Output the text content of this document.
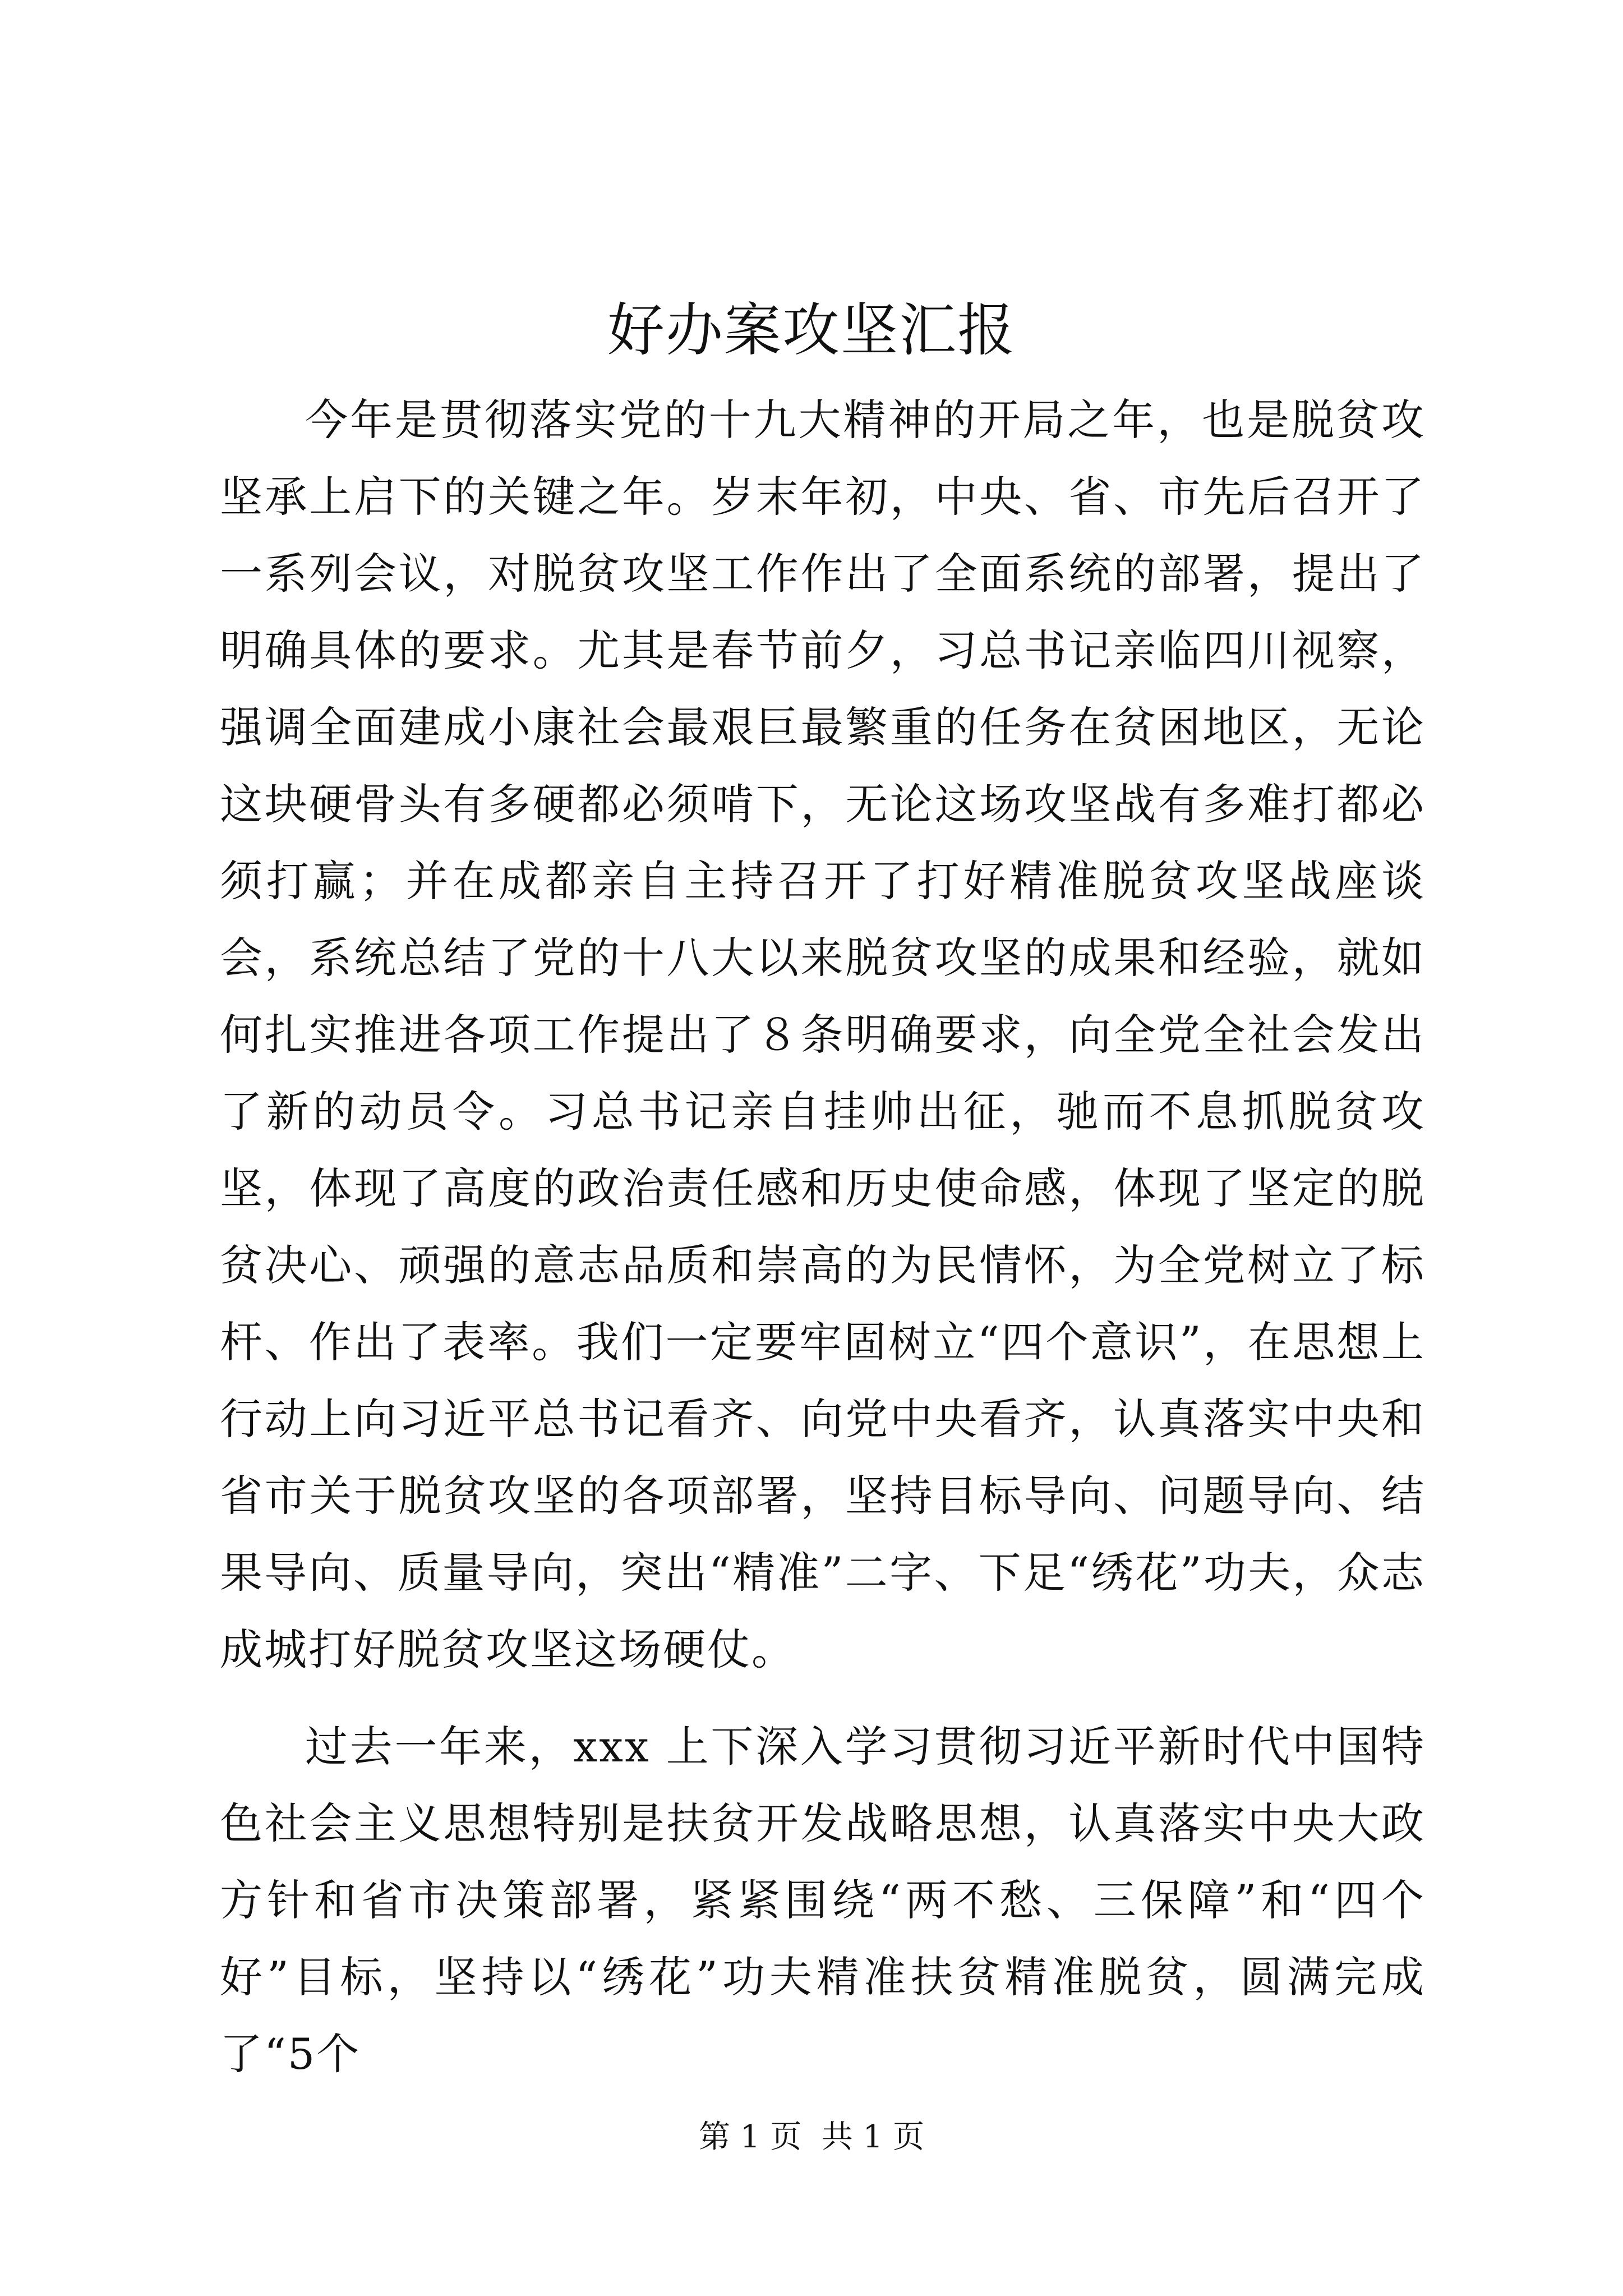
好办案攻坚汇报

今年是贯彻落实党的十九大精神的开局之年，也是脱贫攻坚承上启下的关键之年。岁末年初，中央、省、市先后召开了一系列会议，对脱贫攻坚工作作出了全面系统的部署，提出了明确具体的要求。尤其是春节前夕，习总书记亲临四川视察，强调全面建成小康社会最艰巨最繁重的任务在贫困地区，无论这块硬骨头有多硬都必须啃下，无论这场攻坚战有多难打都必须打赢；并在成都亲自主持召开了打好精准脱贫攻坚战座谈会，系统总结了党的十八大以来脱贫攻坚的成果和经验，就如何扎实推进各项工作提出了８条明确要求，向全党全社会发出了新的动员令。习总书记亲自挂帅出征，驰而不息抓脱贫攻坚，体现了高度的政治责任感和历史使命感，体现了坚定的脱贫决心、顽强的意志品质和崇高的为民情怀，为全党树立了标杆、作出了表率。我们一定要牢固树立“四个意识”，在思想上行动上向习近平总书记看齐、向党中央看齐，认真落实中央和省市关于脱贫攻坚的各项部署，坚持目标导向、问题导向、结果导向、质量导向，突出“精准”二字、下足“绣花”功夫，众志成城打好脱贫攻坚这场硬仗。

过去一年来，xxx 上下深入学习贯彻习近平新时代中国特色社会主义思想特别是扶贫开发战略思想，认真落实中央大政方针和省市决策部署，紧紧围绕“两不愁、三保障”和“四个好”目标，坚持以“绣花”功夫精准扶贫精准脱贫，圆满完成了“5个

第 1 页  共 1 页
